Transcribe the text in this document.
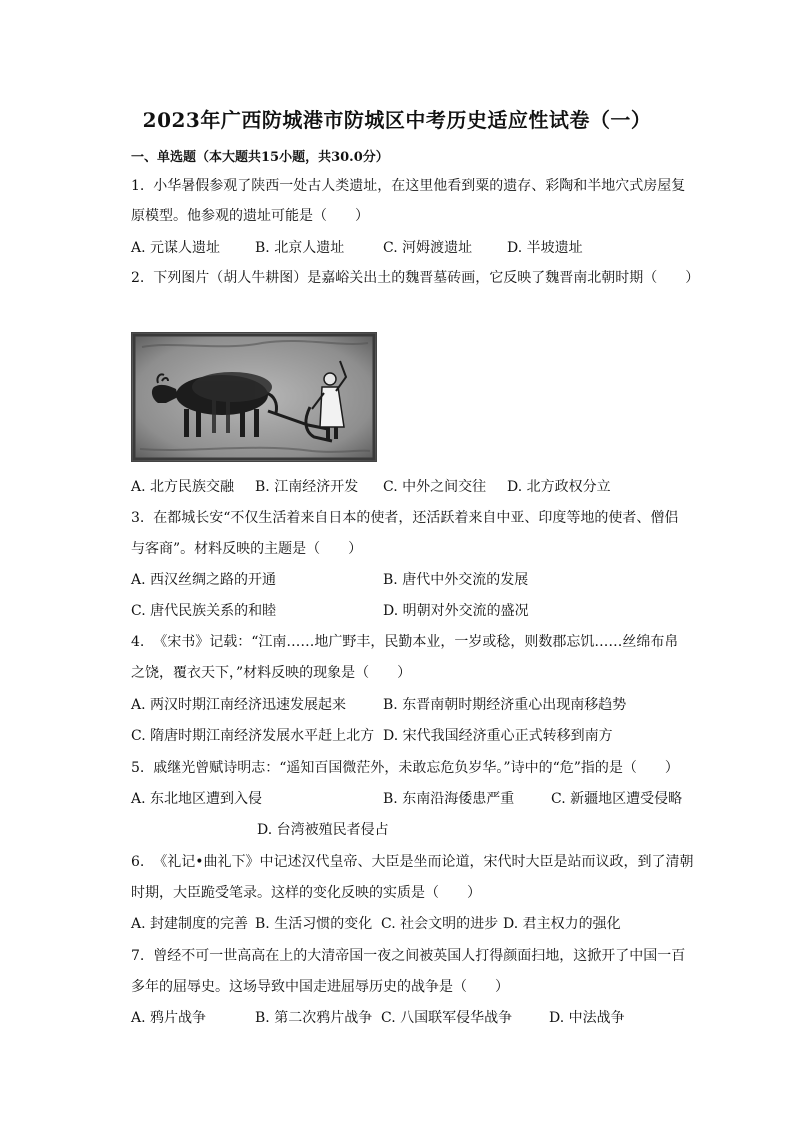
2023年广西防城港市防城区中考历史适应性试卷（一）
一、单选题（本大题共15小题，共30.0分）
1. 小华暑假参观了陕西一处古人类遗址，在这里他看到粟的遗存、彩陶和半地穴式房屋复
原模型。他参观的遗址可能是（　　）
A. 元谋人遗址 B. 北京人遗址	C. 河姆渡遗址 D. 半坡遗址
2. 下列图片（胡人牛耕图）是嘉峪关出土的魏晋墓砖画，它反映了魏晋南北朝时期（　　）
A. 北方民族交融 B. 江南经济开发 C. 中外之间交往 D. 北方政权分立
3. 在都城长安“不仅生活着来自日本的使者，还活跃着来自中亚、印度等地的使者、僧侣
与客商”。材料反映的主题是（　　）
A. 西汉丝绸之路的开通	B. 唐代中外交流的发展
C. 唐代民族关系的和睦	D. 明朝对外交流的盛况
4. 《宋书》记载：“江南……地广野丰，民勤本业，一岁或稔，则数郡忘饥……丝绵布帛
之饶，覆衣天下，”材料反映的现象是（　　）
A. 两汉时期江南经济迅速发展起来	B. 东晋南朝时期经济重心出现南移趋势
C. 隋唐时期江南经济发展水平赶上北方 D. 宋代我国经济重心正式转移到南方
5. 戚继光曾赋诗明志：“遥知百国微茫外，未敢忘危负岁华。”诗中的“危”指的是（　　）
A. 东北地区遭到入侵	B. 东南沿海倭患严重	C. 新疆地区遭受侵略
D. 台湾被殖民者侵占
6. 《礼记•曲礼下》中记述汉代皇帝、大臣是坐而论道，宋代时大臣是站而议政，到了清朝
时期，大臣跪受笔录。这样的变化反映的实质是（　　）
A. 封建制度的完善 B. 生活习惯的变化 C. 社会文明的进步 D. 君主权力的强化
7. 曾经不可一世高高在上的大清帝国一夜之间被英国人打得颜面扫地，这掀开了中国一百
多年的屈辱史。这场导致中国走进屈辱历史的战争是（　　）
A. 鸦片战争	B. 第二次鸦片战争 C. 八国联军侵华战争	D. 中法战争
